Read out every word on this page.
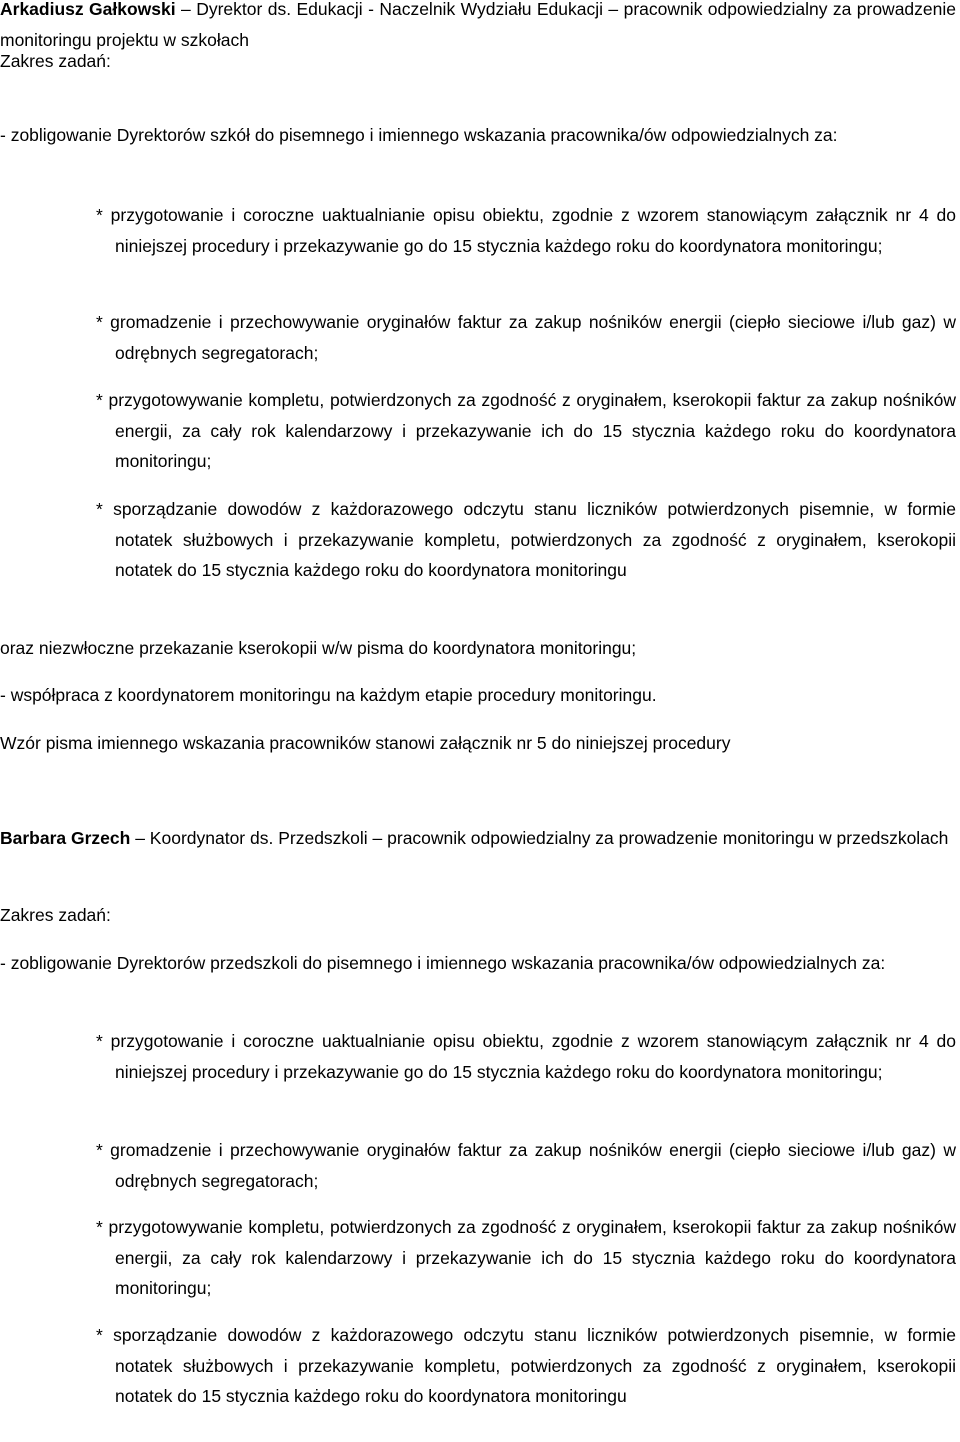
Arkadiusz Gałkowski – Dyrektor ds. Edukacji - Naczelnik Wydziału Edukacji – pracownik odpowiedzialny za prowadzenie monitoringu projektu w szkołach

Zakres zadań:

- zobligowanie Dyrektorów szkół do pisemnego i imiennego wskazania pracownika/ów odpowiedzialnych za:

* przygotowanie i coroczne uaktualnianie opisu obiektu, zgodnie z wzorem stanowiącym załącznik nr 4 do niniejszej procedury i przekazywanie go do 15 stycznia każdego roku do koordynatora monitoringu;

* gromadzenie i przechowywanie oryginałów faktur za zakup nośników energii (ciepło sieciowe i/lub gaz) w odrębnych segregatorach;

* przygotowywanie kompletu, potwierdzonych za zgodność z oryginałem, kserokopii faktur za zakup nośników energii, za cały rok kalendarzowy i przekazywanie ich do 15 stycznia każdego roku do koordynatora monitoringu;

* sporządzanie dowodów z każdorazowego odczytu stanu liczników potwierdzonych pisemnie, w formie notatek służbowych i przekazywanie kompletu, potwierdzonych za zgodność z oryginałem, kserokopii notatek do 15 stycznia każdego roku do koordynatora monitoringu

oraz niezwłoczne przekazanie kserokopii w/w pisma do koordynatora monitoringu;

- współpraca z koordynatorem monitoringu na każdym etapie procedury monitoringu.

Wzór pisma imiennego wskazania pracowników stanowi załącznik nr 5 do niniejszej procedury

Barbara Grzech – Koordynator ds. Przedszkoli – pracownik odpowiedzialny za prowadzenie monitoringu w przedszkolach

Zakres zadań:

- zobligowanie Dyrektorów przedszkoli do pisemnego i imiennego wskazania pracownika/ów odpowiedzialnych za:

* przygotowanie i coroczne uaktualnianie opisu obiektu, zgodnie z wzorem stanowiącym załącznik nr 4 do niniejszej procedury i przekazywanie go do 15 stycznia każdego roku do koordynatora monitoringu;

* gromadzenie i przechowywanie oryginałów faktur za zakup nośników energii (ciepło sieciowe i/lub gaz) w odrębnych segregatorach;

* przygotowywanie kompletu, potwierdzonych za zgodność z oryginałem, kserokopii faktur za zakup nośników energii, za cały rok kalendarzowy i przekazywanie ich do 15 stycznia każdego roku do koordynatora monitoringu;

* sporządzanie dowodów z każdorazowego odczytu stanu liczników potwierdzonych pisemnie, w formie notatek służbowych i przekazywanie kompletu, potwierdzonych za zgodność z oryginałem, kserokopii notatek do 15 stycznia każdego roku do koordynatora monitoringu
